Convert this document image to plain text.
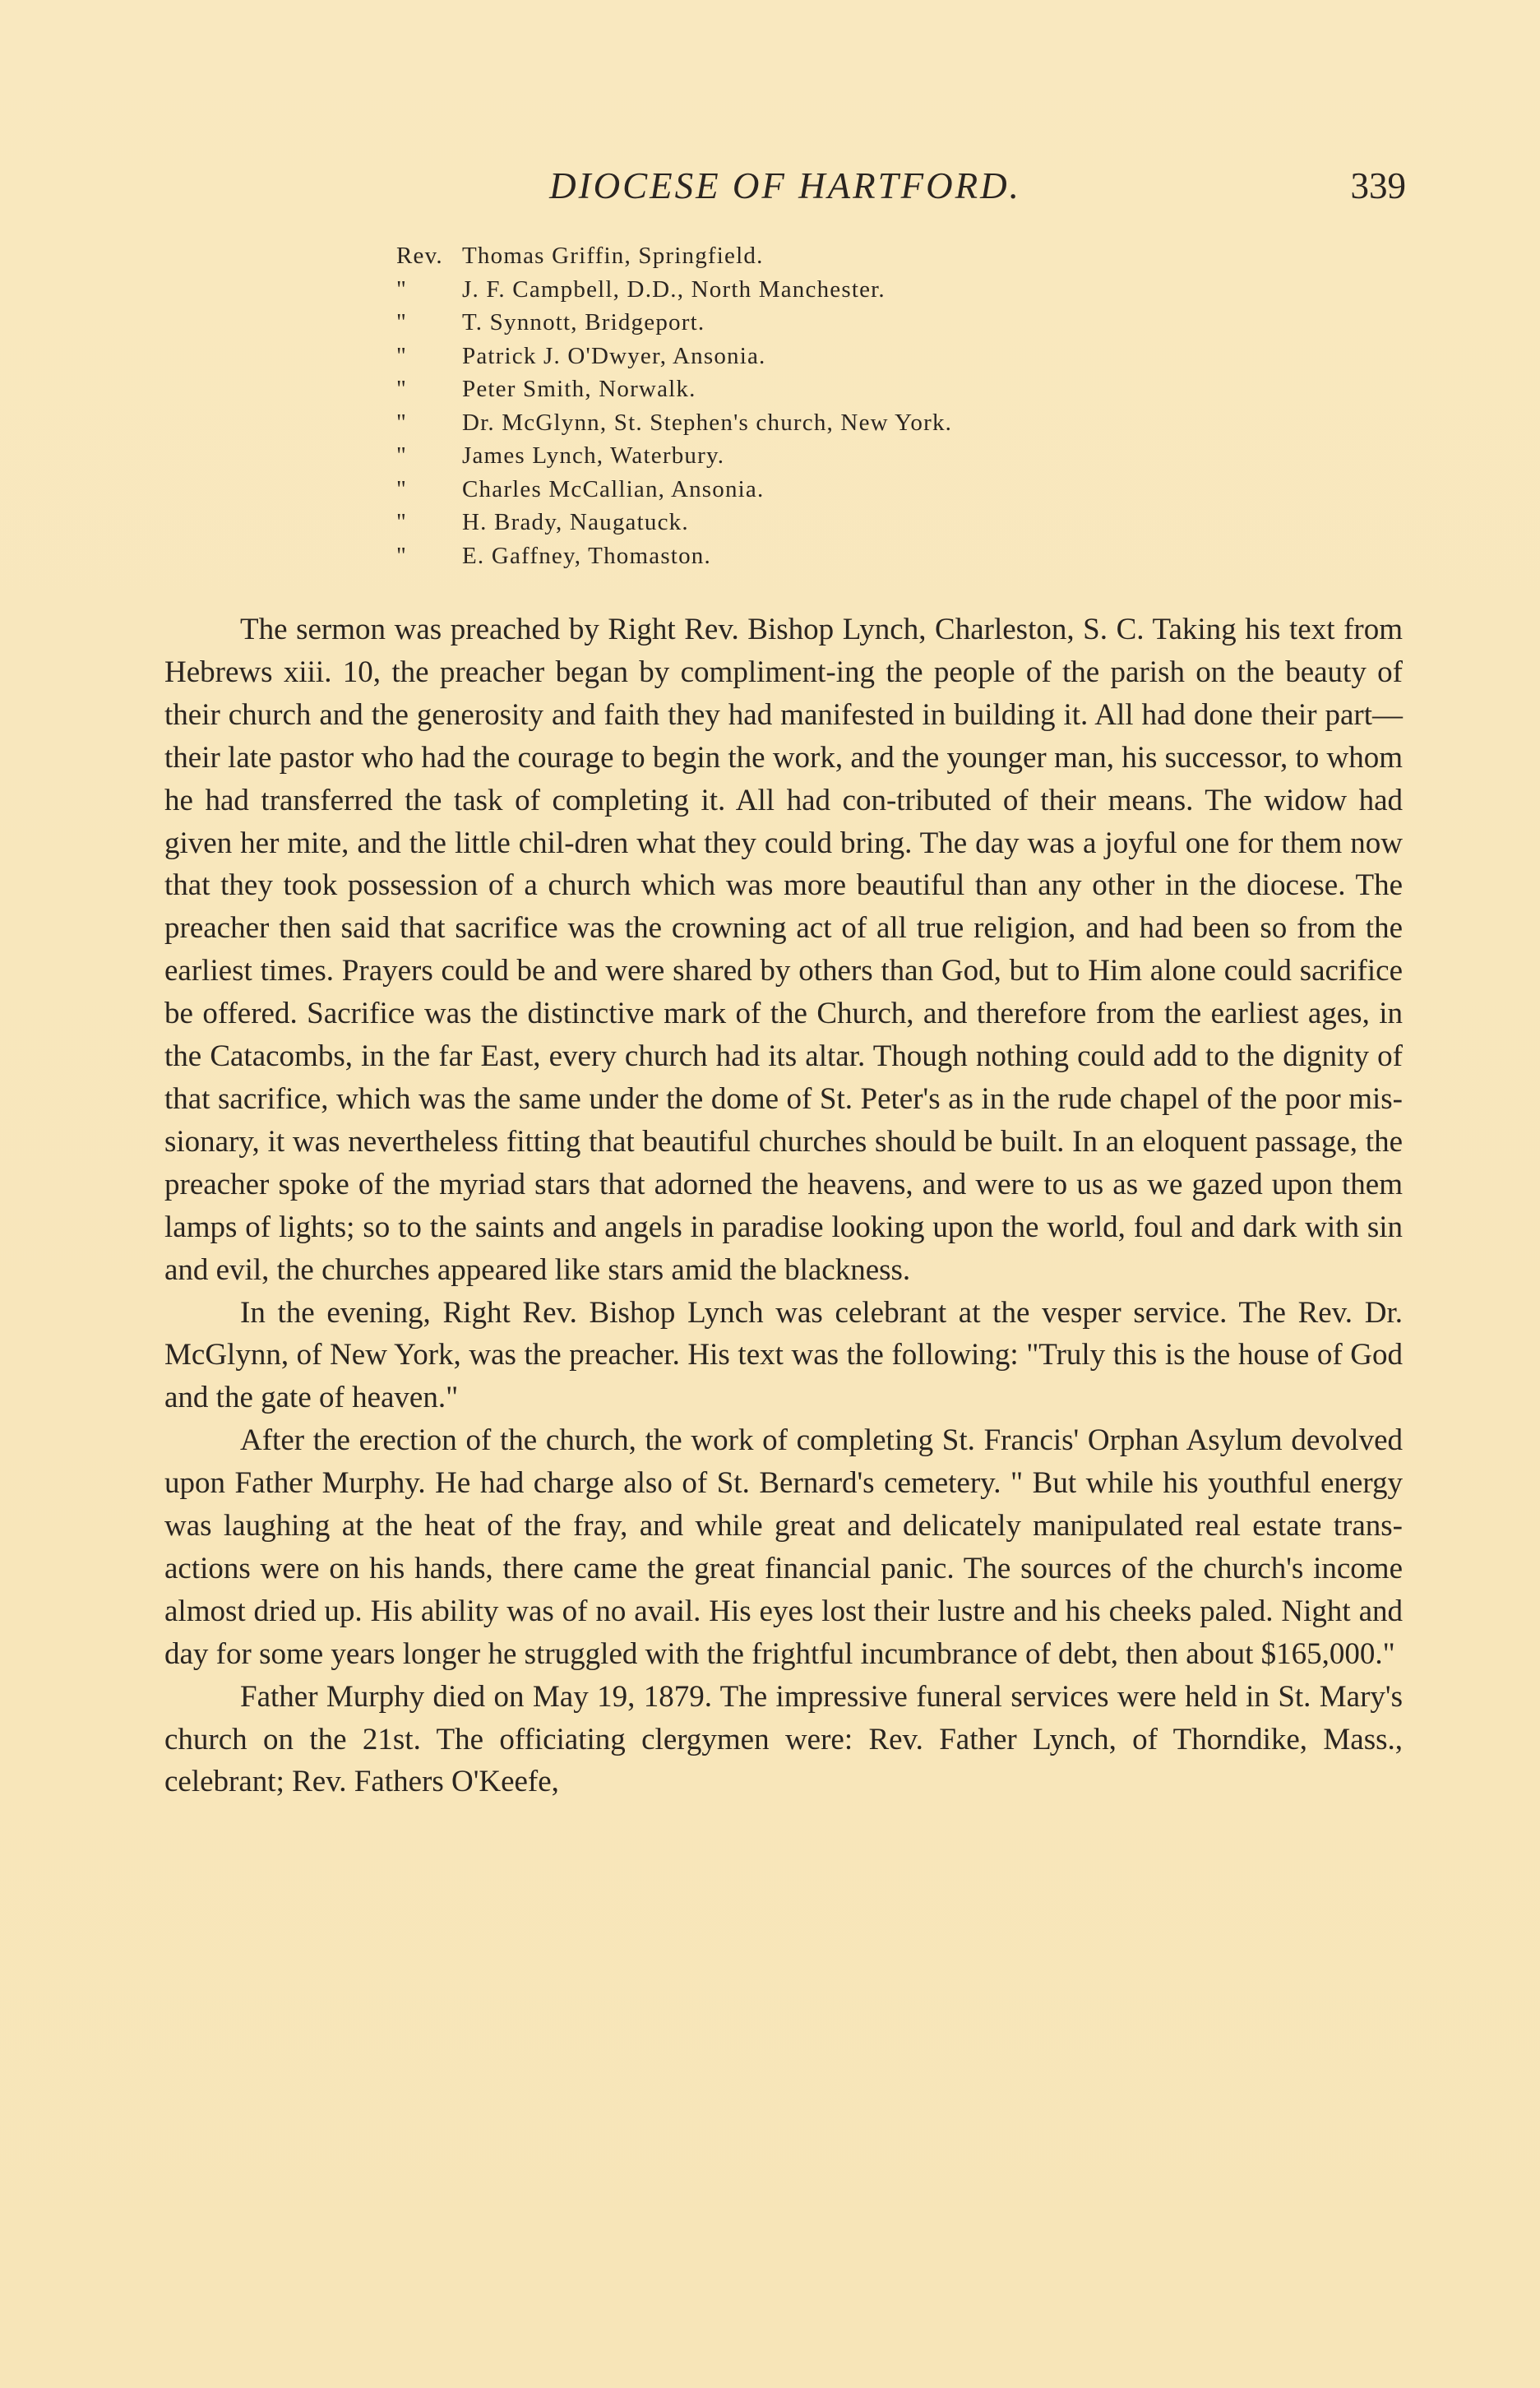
DIOCESE OF HARTFORD.	339
Rev. Thomas Griffin, Springfield.
" J. F. Campbell, D.D., North Manchester.
" T. Synnott, Bridgeport.
" Patrick J. O'Dwyer, Ansonia.
" Peter Smith, Norwalk.
" Dr. McGlynn, St. Stephen's church, New York.
" James Lynch, Waterbury.
" Charles McCallian, Ansonia.
" H. Brady, Naugatuck.
" E. Gaffney, Thomaston.

The sermon was preached by Right Rev. Bishop Lynch, Charleston, S. C. Taking his text from Hebrews xiii. 10, the preacher began by compliment-ing the people of the parish on the beauty of their church and the generosity and faith they had manifested in building it. All had done their part—their late pastor who had the courage to begin the work, and the younger man, his successor, to whom he had transferred the task of completing it. All had con-tributed of their means. The widow had given her mite, and the little chil-dren what they could bring. The day was a joyful one for them now that they took possession of a church which was more beautiful than any other in the diocese. The preacher then said that sacrifice was the crowning act of all true religion, and had been so from the earliest times. Prayers could be and were shared by others than God, but to Him alone could sacrifice be offered. Sacrifice was the distinctive mark of the Church, and therefore from the earliest ages, in the Catacombs, in the far East, every church had its altar. Though nothing could add to the dignity of that sacrifice, which was the same under the dome of St. Peter's as in the rude chapel of the poor mis-sionary, it was nevertheless fitting that beautiful churches should be built. In an eloquent passage, the preacher spoke of the myriad stars that adorned the heavens, and were to us as we gazed upon them lamps of lights; so to the saints and angels in paradise looking upon the world, foul and dark with sin and evil, the churches appeared like stars amid the blackness.

In the evening, Right Rev. Bishop Lynch was celebrant at the vesper service. The Rev. Dr. McGlynn, of New York, was the preacher. His text was the following: "Truly this is the house of God and the gate of heaven."

After the erection of the church, the work of completing St. Francis' Orphan Asylum devolved upon Father Murphy. He had charge also of St. Bernard's cemetery. " But while his youthful energy was laughing at the heat of the fray, and while great and delicately manipulated real estate trans-actions were on his hands, there came the great financial panic. The sources of the church's income almost dried up. His ability was of no avail. His eyes lost their lustre and his cheeks paled. Night and day for some years longer he struggled with the frightful incumbrance of debt, then about $165,000."

Father Murphy died on May 19, 1879. The impressive funeral services were held in St. Mary's church on the 21st. The officiating clergymen were: Rev. Father Lynch, of Thorndike, Mass., celebrant; Rev. Fathers O'Keefe,
